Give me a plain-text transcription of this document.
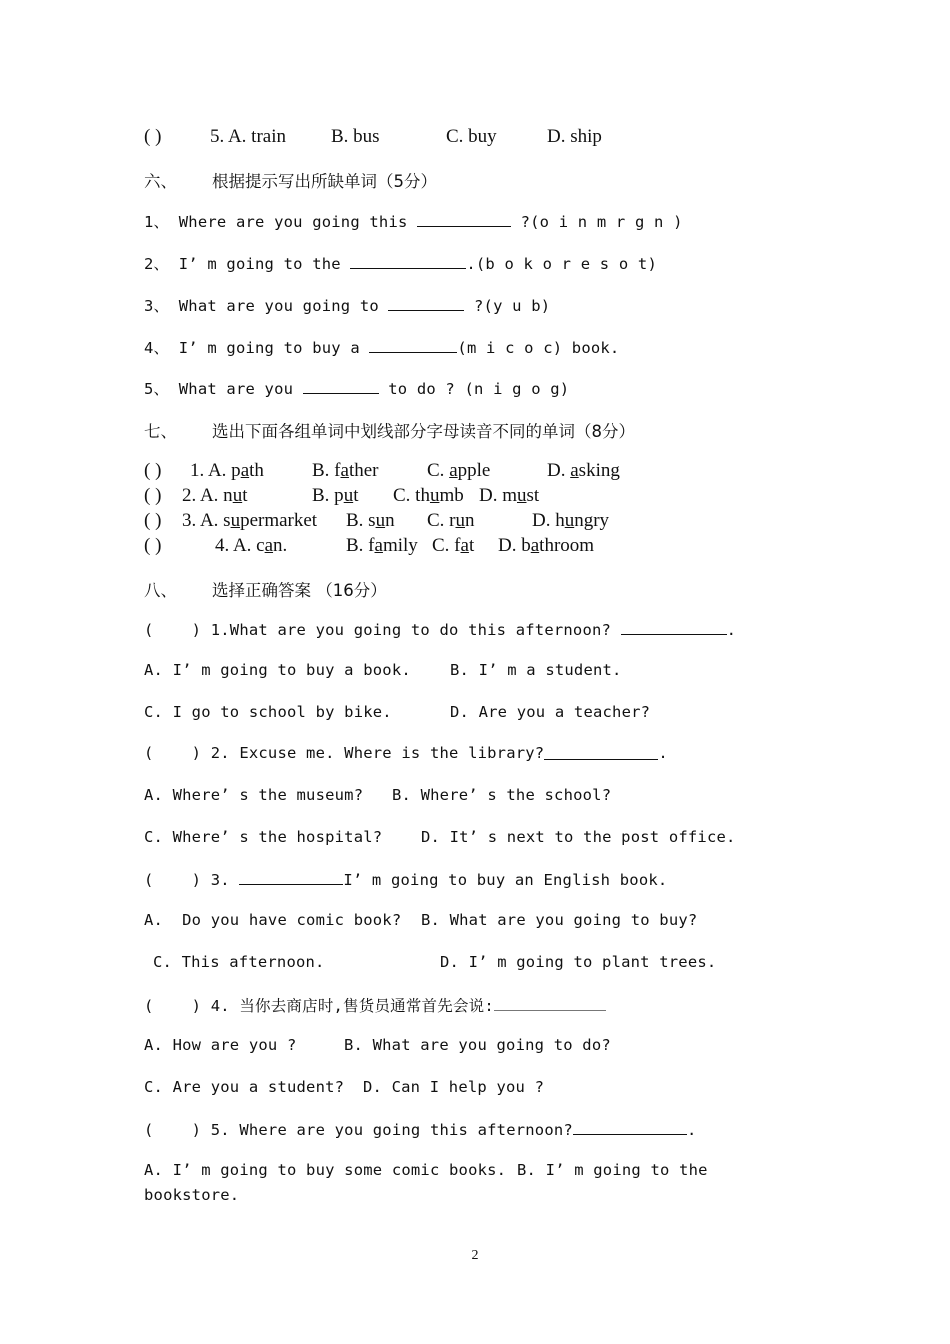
( )	5. A. train B. bus	C. buy	D. ship
六、 根据提示写出所缺单词（5分）
1、 Where are you going this	?(o i n m r g n )
2、 I’ m going to the	.(b o k o r e s o t)
3、 What are you going to	?(y u b)
4、 I’ m going to buy a	(m i c o c) book.
5、 What are you	to do ? (n i g o g)
七、 选出下面各组单词中划线部分字母读音不同的单词（8分）
( ) 1. A. path	B. father	C. apple	D. asking
( ) 2. A. nut	B. put C. thumb D. must
( ) 3. A. supermarket B. sun C. run	D. hungry
( )	4. A. can.	B. family C. fat D. bathroom
八、 选择正确答案 （16分）
(    ) 1.What are you going to do this afternoon?	.
A. I’ m going to buy a book.	B. I’ m a student.
C. I go to school by bike.	D. Are you a teacher?
(    ) 2. Excuse me. Where is the library?	.
A. Where’ s the museum? B. Where’ s the school?
C. Where’ s the hospital? D. It’ s next to the post office.
(    ) 3.	I’ m going to buy an English book.
A.  Do you have comic book? B. What are you going to buy?
C. This afternoon.	D. I’ m going to plant trees.
(    ) 4. 当你去商店时,售货员通常首先会说:
A. How are you ?	B. What are you going to do?
C. Are you a student? D. Can I help you ?
(    ) 5. Where are you going this afternoon?	.
A. I’ m going to buy some comic books. B. I’ m going to the
bookstore.
2
